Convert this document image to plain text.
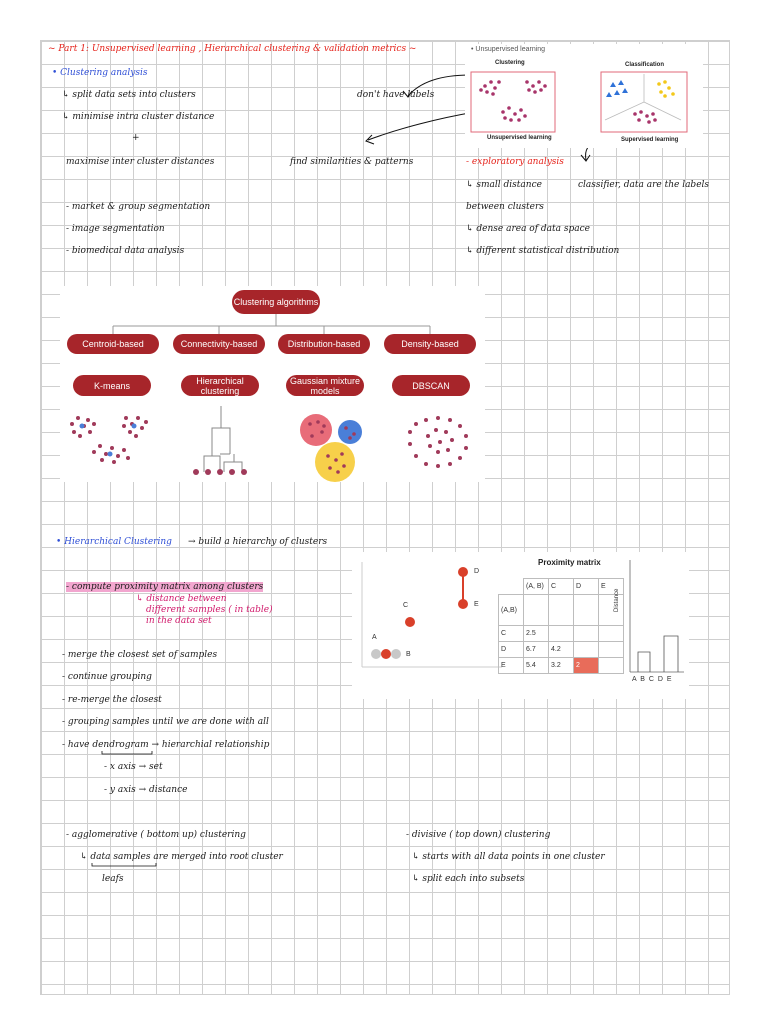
~ Part 1: Unsupervised learning , Hierarchical clustering & validation metrics ~
• Clustering analysis
↳ split data sets into clusters
↳ minimise intra cluster distance
+
maximise inter cluster distances
don't have labels
find similarities & patterns
- market & group segmentation
- image segmentation
- biomedical data analysis
- exploratory analysis
↳ small distance
between clusters
↳ dense area of data space
↳ different statistical distribution
classifier, data are the labels
• Unsupervised learning
Clustering	Classification
Unsupervised learning	Supervised learning
Clustering algorithms
Centroid-based	Connectivity-based	Distribution-based	Density-based
K-means	Hierarchical clustering
Gaussian mixture models	DBSCAN
• Hierarchical Clustering → build a hierarchy of clusters
- compute proximity matrix among clusters
↳ distance between
different samples ( in table)
in the data set
- merge the closest set of samples
- continue grouping
- re-merge the closest
- grouping samples until we are done with all
- have dendrogram → hierarchial relationship
- x axis → set
- y axis → distance
- agglomerative ( bottom up) clustering
↳ data samples are merged into root cluster
leafs
- divisive ( top down) clustering
↳ starts with all data points in one cluster
↳ split each into subsets
A
B
C
D
E
Proximity matrix
	(A, B)	C	D	E
(A,B)				
C	2.5			
D	6.7	4.2		
E	5.4	3.2	2	
Distance
A B C D E
